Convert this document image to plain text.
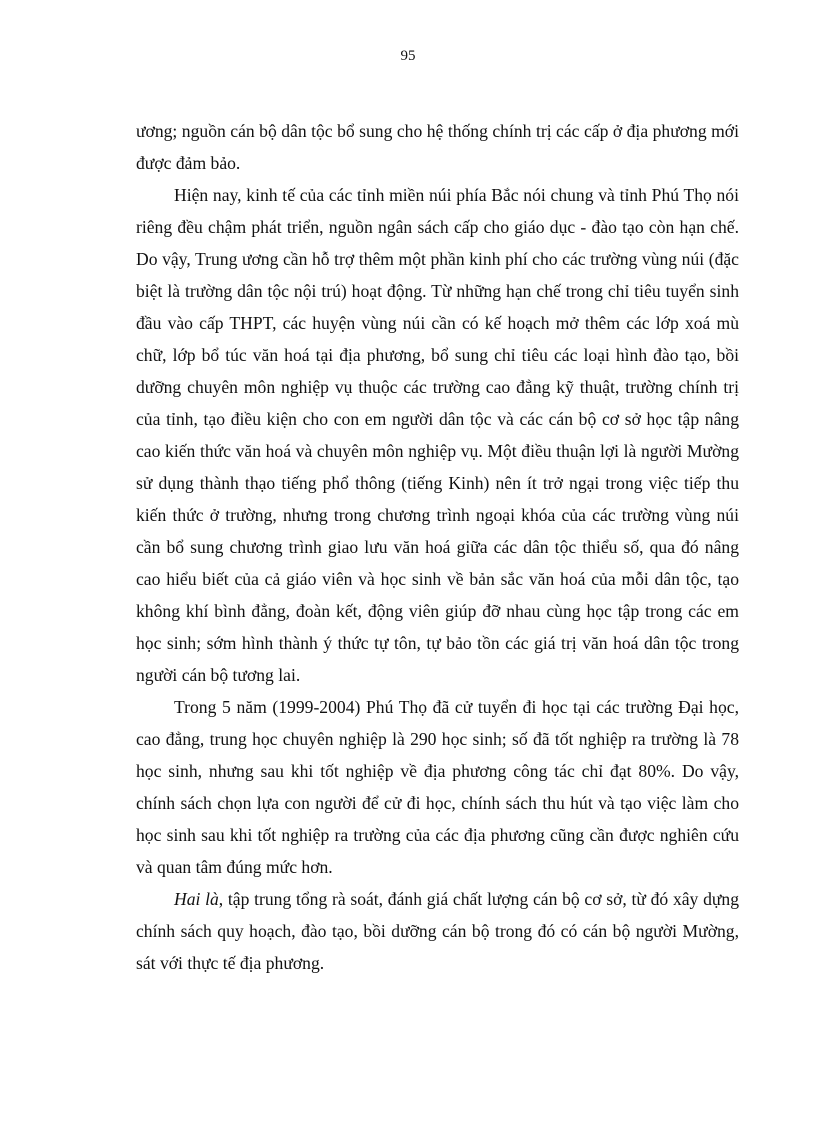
95

ương; nguồn cán bộ dân tộc bổ sung cho hệ thống chính trị các cấp ở địa phương mới được đảm bảo.

Hiện nay, kinh tế của các tỉnh miền núi phía Bắc nói chung và tỉnh Phú Thọ nói riêng đều chậm phát triển, nguồn ngân sách cấp cho giáo dục - đào tạo còn hạn chế. Do vậy, Trung ương cần hỗ trợ thêm một phần kinh phí cho các trường vùng núi (đặc biệt là trường dân tộc nội trú) hoạt động. Từ những hạn chế trong chỉ tiêu tuyển sinh đầu vào cấp THPT, các huyện vùng núi cần có kế hoạch mở thêm các lớp xoá mù chữ, lớp bổ túc văn hoá tại địa phương, bổ sung chỉ tiêu các loại hình đào tạo, bồi dưỡng chuyên môn nghiệp vụ thuộc các trường cao đẳng kỹ thuật, trường chính trị của tỉnh, tạo điều kiện cho con em người dân tộc và các cán bộ cơ sở học tập nâng cao kiến thức văn hoá và chuyên môn nghiệp vụ. Một điều thuận lợi là người Mường sử dụng thành thạo tiếng phổ thông (tiếng Kinh) nên ít trở ngại trong việc tiếp thu kiến thức ở trường, nhưng trong chương trình ngoại khóa của các trường vùng núi cần bổ sung chương trình giao lưu văn hoá giữa các dân tộc thiểu số, qua đó nâng cao hiểu biết của cả giáo viên và học sinh về bản sắc văn hoá của mỗi dân tộc, tạo không khí bình đẳng, đoàn kết, động viên giúp đỡ nhau cùng học tập trong các em học sinh; sớm hình thành ý thức tự tôn, tự bảo tồn các giá trị văn hoá dân tộc trong người cán bộ tương lai.

Trong 5 năm (1999-2004) Phú Thọ đã cử tuyển đi học tại các trường Đại học, cao đẳng, trung học chuyên nghiệp là 290 học sinh; số đã tốt nghiệp ra trường là 78 học sinh, nhưng sau khi tốt nghiệp về địa phương công tác chỉ đạt 80%. Do vậy, chính sách chọn lựa con người để cử đi học, chính sách thu hút và tạo việc làm cho học sinh sau khi tốt nghiệp ra trường của các địa phương cũng cần được nghiên cứu và quan tâm đúng mức hơn.

Hai là, tập trung tổng rà soát, đánh giá chất lượng cán bộ cơ sở, từ đó xây dựng chính sách quy hoạch, đào tạo, bồi dưỡng cán bộ trong đó có cán bộ người Mường, sát với thực tế địa phương.
